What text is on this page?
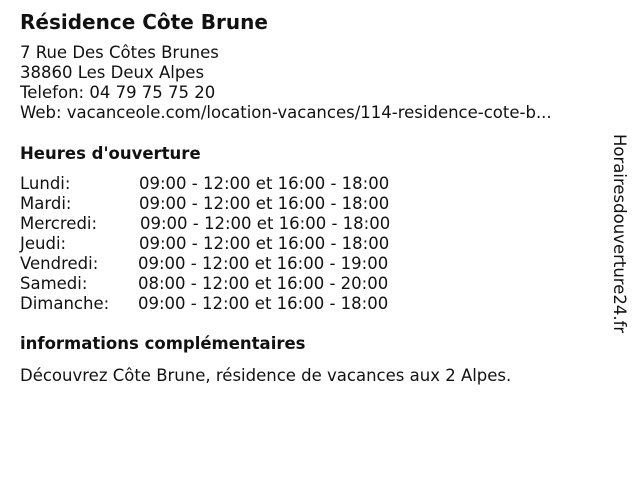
Résidence Côte Brune
7 Rue Des Côtes Brunes
38860 Les Deux Alpes
Telefon: 04 79 75 75 20
Web: vacanceole.com/location-vacances/114-residence-cote-b...
Heures d'ouverture
Lundi:	09:00 - 12:00 et 16:00 - 18:00
Mardi:	09:00 - 12:00 et 16:00 - 18:00
Mercredi:	09:00 - 12:00 et 16:00 - 18:00
Jeudi:	09:00 - 12:00 et 16:00 - 18:00
Vendredi: 09:00 - 12:00 et 16:00 - 19:00
Samedi:	08:00 - 12:00 et 16:00 - 20:00
Dimanche: 09:00 - 12:00 et 16:00 - 18:00
informations complémentaires
Découvrez Côte Brune, résidence de vacances aux 2 Alpes.
Horairesdouverture24.fr
